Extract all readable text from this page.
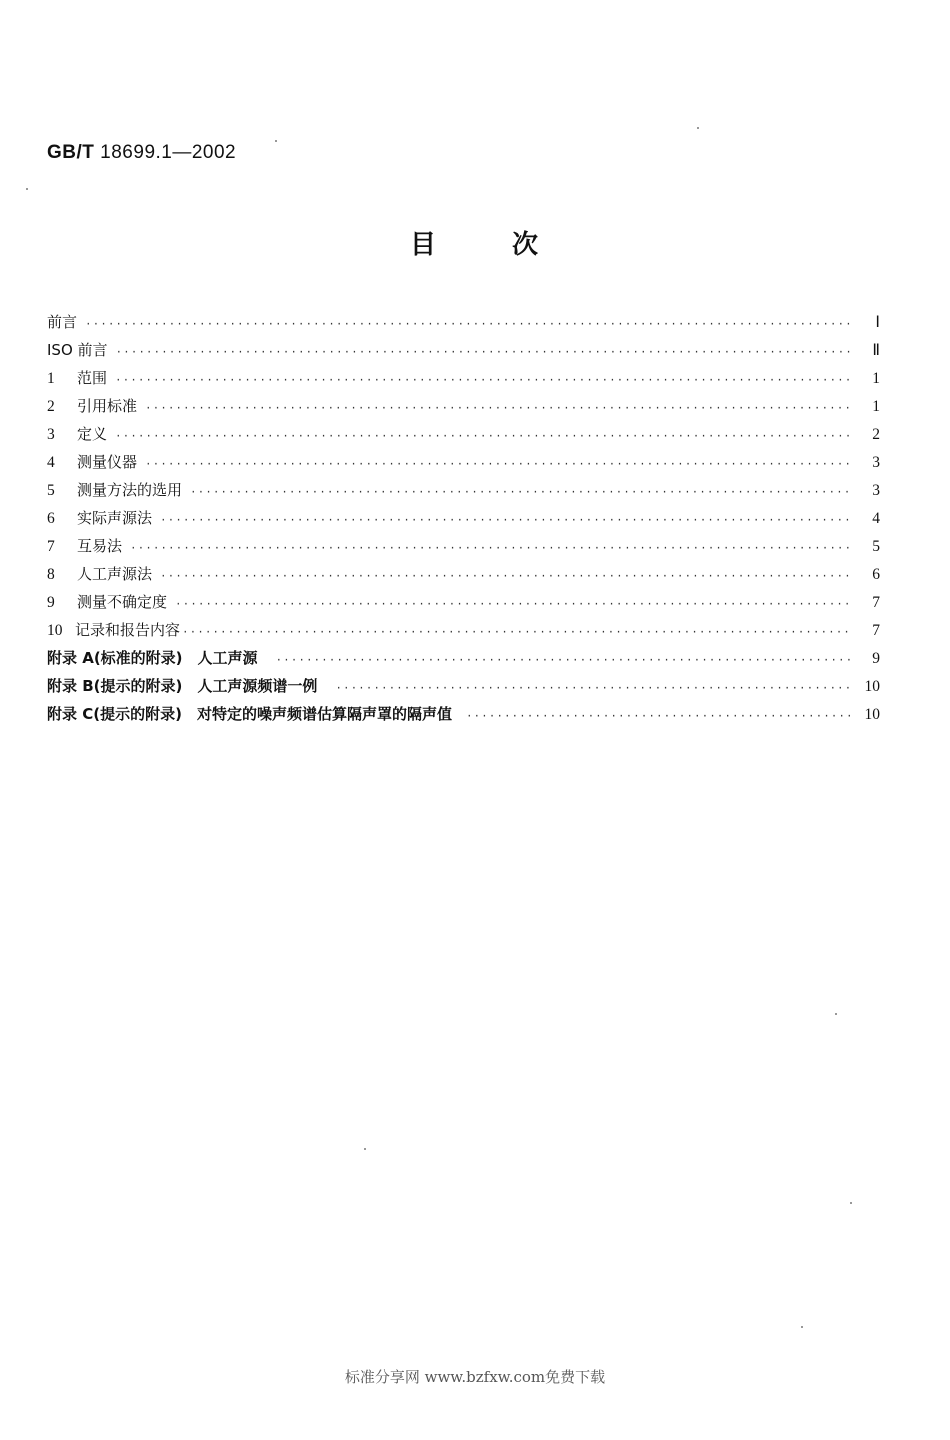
GB/T 18699.1—2002
目	次
前言 ·····	Ⅰ
ISO 前言 ·····	Ⅱ
1	范围 ·····	1
2	引用标准 ·····	1
3	定义 ·····	2
4	测量仪器 ·····	3
5	测量方法的选用 ·····	3
6	实际声源法 ·····	4
7	互易法 ·····	5
8	人工声源法 ·····	6
9	测量不确定度 ·····	7
10 记录和报告内容 ·····	7
附录 A(标准的附录)　人工声源 ·····	9
附录 B(提示的附录)　人工声源频谱一例 ·····	10
附录 C(提示的附录)　对特定的噪声频谱估算隔声罩的隔声值 ·····	10
标准分享网 www.bzfxw.com免费下载
